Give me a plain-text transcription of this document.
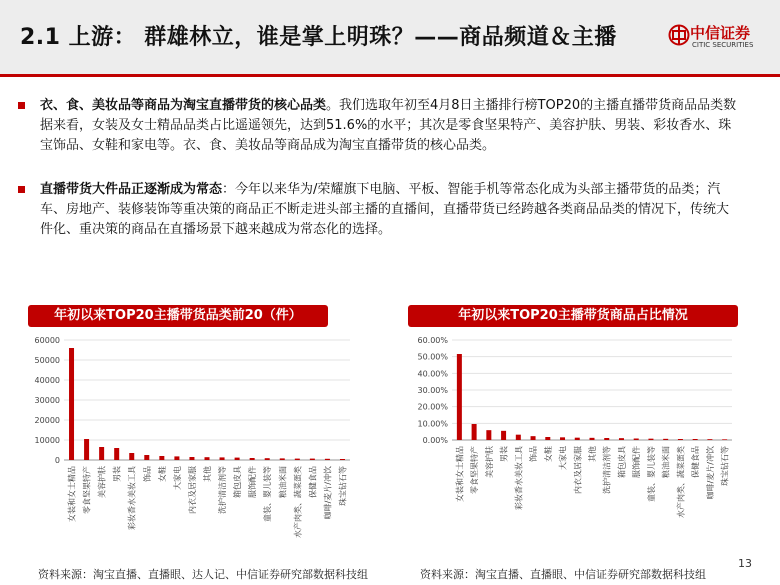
2.1 上游： 群雄林立，谁是掌上明珠？——商品频道＆主播	中信证券
CITIC SECURITIES
衣、食、美妆品等商品为淘宝直播带货的核心品类。我们选取年初至4月8日主播排行榜TOP20的主播直播带货商品品类数据来看，女装及女士精品品类占比遥遥领先，达到51.6%的水平；其次是零食坚果特产、美容护肤、男装、彩妆香水、珠宝饰品、女鞋和家电等。衣、食、美妆品等商品成为淘宝直播带货的核心品类。
直播带货大件品正逐渐成为常态：今年以来华为/荣耀旗下电脑、平板、智能手机等常态化成为头部主播带货的品类；汽车、房地产、装修装饰等重决策的商品正不断走进头部主播的直播间，直播带货已经跨越各类商品品类的情况下，传统大件化、重决策的商品在直播场景下越来越成为常态化的选择。
年初以来TOP20主播带货品类前20（件）	年初以来TOP20主播带货商品占比情况
0
10000
20000
30000
40000
50000
60000
女装和女士精品 零食坚果特产 美容护肤 男装 彩妆香水美妆工具 饰品 女鞋 大家电 内衣及居家服 其他 洗护清洁剂等 箱包皮具 服饰配件 童装、婴儿装等 粮油米面 水产肉类、蔬菜蛋类 保健食品 咖啡/麦片/冲饮 珠宝钻石等
0.00%
10.00%
20.00%
30.00%
40.00%
50.00%
60.00%
女装和女士精品 零食坚果特产 美容护肤 男装 彩妆香水美妆工具 饰品 女鞋 大家电 内衣及居家服 其他 洗护清洁剂等 箱包皮具 服饰配件 童装、婴儿装等 粮油米面 水产肉类、蔬菜蛋类 保健食品 咖啡/麦片/冲饮 珠宝钻石等
资料来源：淘宝直播、直播眼、达人记、中信证券研究部数据科技组	资料来源：淘宝直播、直播眼、中信证券研究部数据科技组
13
